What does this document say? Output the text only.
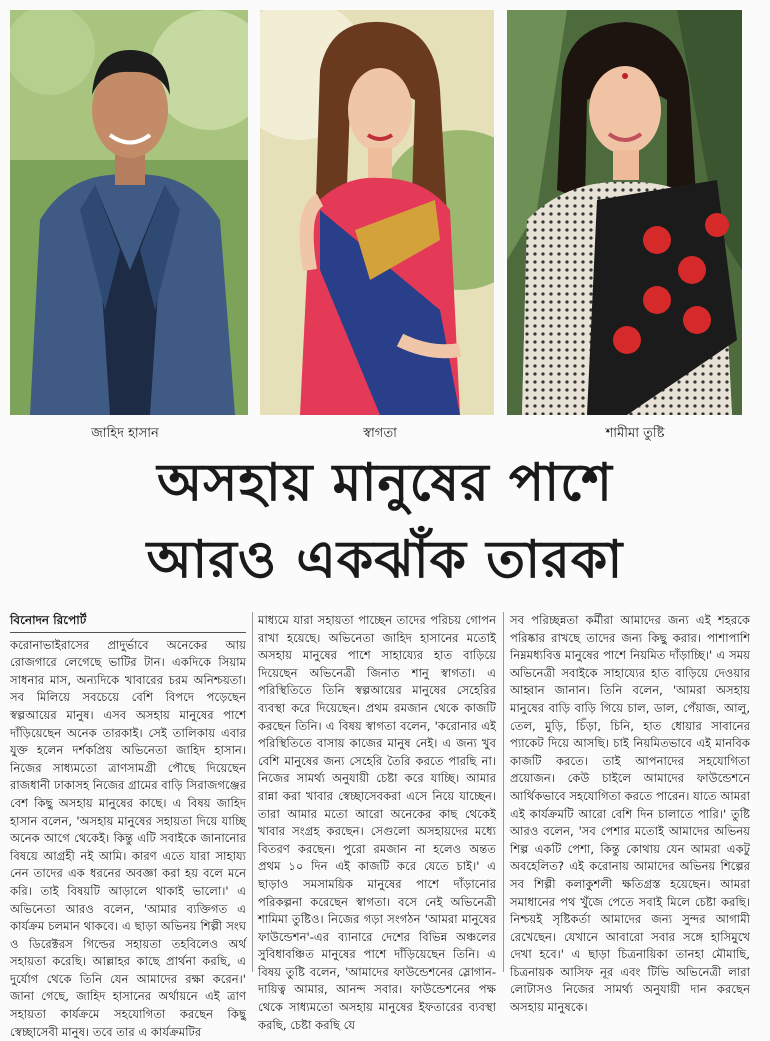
জাহিদ হাসান	স্বাগতা	শামীমা তুষ্টি
অসহায় মানুষের পাশে
আরও একঝাঁক তারকা
বিনোদন রিপোর্ট

করোনাভাইরাসের প্রাদুর্ভাবে অনেকের আয় রোজগারে লেগেছে ভাটির টান। একদিকে সিয়াম সাধনার মাস, অন্যদিকে খাবারের চরম অনিশ্চয়তা। সব মিলিয়ে সবচেয়ে বেশি বিপদে পড়েছেন স্বল্পআয়ের মানুষ। এসব অসহায় মানুষের পাশে দাঁড়িয়েছেন অনেক তারকাই। সেই তালিকায় এবার যুক্ত হলেন দর্শকপ্রিয় অভিনেতা জাহিদ হাসান। নিজের সাধ্যমতো ত্রাণসামগ্রী পৌছে দিয়েছেন রাজধানী ঢাকাসহ নিজের গ্রামের বাড়ি সিরাজগঞ্জের বেশ কিছু অসহায় মানুষের কাছে। এ বিষয় জাহিদ হাসান বলেন, 'অসহায় মানুষের সহায়তা দিয়ে যাচ্ছি অনেক আগে থেকেই। কিন্তু এটি সবাইকে জানানোর বিষয়ে আগ্রহী নই আমি। কারণ এতে যারা সাহায্য নেন তাদের এক ধরনের অবজ্ঞা করা হয় বলে মনে করি। তাই বিষয়টি আড়ালে থাকাই ভালো।' এ অভিনেতা আরও বলেন, 'আমার ব্যক্তিগত এ কার্যক্রম চলমান থাকবে। এ ছাড়া অভিনয় শিল্পী সংঘ ও ডিরেক্টরস গিল্ডের সহায়তা তহবিলেও অর্থ সহায়তা করেছি। আল্লাহর কাছে প্রার্থনা করছি, এ দুর্যোগ থেকে তিনি যেন আমাদের রক্ষা করেন।' জানা গেছে, জাহিদ হাসানের অর্থায়নে এই ত্রাণ সহায়তা কার্যক্রমে সহযোগিতা করছেন কিছু স্বেচ্ছাসেবী মানুষ। তবে তার এ কার্যক্রমটির

মাধ্যমে যারা সহায়তা পাচ্ছেন তাদের পরিচয় গোপন রাখা হয়েছে। অভিনেতা জাহিদ হাসানের মতোই অসহায় মানুষের পাশে সাহায্যের হাত বাড়িয়ে দিয়েছেন অভিনেত্রী জিনাত শানু স্বাগতা। এ পরিস্থিতিতে তিনি স্বল্পআয়ের মানুষের সেহেরির ব্যবস্থা করে দিয়েছেন। প্রথম রমজান থেকে কাজটি করছেন তিনি। এ বিষয় স্বাগতা বলেন, 'করোনার এই পরিস্থিতিতে বাসায় কাজের মানুষ নেই। এ জন্য খুব বেশি মানুষের জন্য সেহেরি তৈরি করতে পারছি না। নিজের সামর্থ্য অনুযায়ী চেষ্টা করে যাচ্ছি। আমার রান্না করা খাবার স্বেচ্ছাসেবকরা এসে নিয়ে যাচ্ছেন। তারা আমার মতো আরো অনেকের কাছ থেকেই খাবার সংগ্রহ করছেন। সেগুলো অসহায়দের মধ্যে বিতরণ করছেন। পুরো রমজান না হলেও অন্তত প্রথম ১০ দিন এই কাজটি করে যেতে চাই।' এ ছাড়াও সমসাময়িক মানুষের পাশে দাঁড়ানোর পরিকল্পনা করেছেন স্বাগতা। বসে নেই অভিনেত্রী শামিমা তুষ্টিও। নিজের গড়া সংগঠন 'আমরা মানুষের ফাউন্ডেশন'-এর ব্যানারে দেশের বিভিন্ন অঞ্চলের সুবিধাবঞ্চিত মানুষের পাশে দাঁড়িয়েছেন তিনি। এ বিষয় তুষ্টি বলেন, 'আমাদের ফাউন্ডেশনের স্লোগান- দায়িত্ব আমার, আনন্দ সবার। ফাউন্ডেশনের পক্ষ থেকে সাধ্যমতো অসহায় মানুষের ইফতারের ব্যবস্থা করছি, চেষ্টা করছি যে

সব পরিচ্ছন্নতা কর্মীরা আমাদের জন্য এই শহরকে পরিষ্কার রাখছে তাদের জন্য কিছু করার। পাশাপাশি নিম্নমধ্যবিত্ত মানুষের পাশে নিয়মিত দাঁড়াচ্ছি।' এ সময় অভিনেত্রী সবাইকে সাহায্যের হাত বাড়িয়ে দেওয়ার আহ্বান জানান। তিনি বলেন, 'আমরা অসহায় মানুষের বাড়ি বাড়ি গিয়ে চাল, ডাল, পেঁয়াজ, আলু, তেল, মুড়ি, চিঁড়া, চিনি, হাত ধোয়ার সাবানের প্যাকেট দিয়ে আসছি। চাই নিয়মিতভাবে এই মানবিক কাজটি করতে। তাই আপনাদের সহযোগিতা প্রয়োজন। কেউ চাইলে আমাদের ফাউন্ডেশনে আর্থিকভাবে সহযোগিতা করতে পারেন। যাতে আমরা এই কার্যক্রমটি আরো বেশি দিন চালাতে পারি।' তুষ্টি আরও বলেন, 'সব পেশার মতোই আমাদের অভিনয় শিল্প একটি পেশা, কিন্তু কোথায় যেন আমরা একটু অবহেলিত? এই করোনায় আমাদের অভিনয় শিল্পের সব শিল্পী কলাকুশলী ক্ষতিগ্রস্ত হয়েছেন। আমরা সমাধানের পথ খুঁজে পেতে সবাই মিলে চেষ্টা করছি। নিশ্চয়ই সৃষ্টিকর্তা আমাদের জন্য সুন্দর আগামী রেখেছেন। যেখানে আবারো সবার সঙ্গে হাসিমুখে দেখা হবে।' এ ছাড়া চিত্রনায়িকা তানহা মৌমাছি, চিত্রনায়ক আসিফ নূর এবং টিভি অভিনেত্রী লারা লোটাসও নিজের সামর্থ্য অনুযায়ী দান করছেন অসহায় মানুষকে।
